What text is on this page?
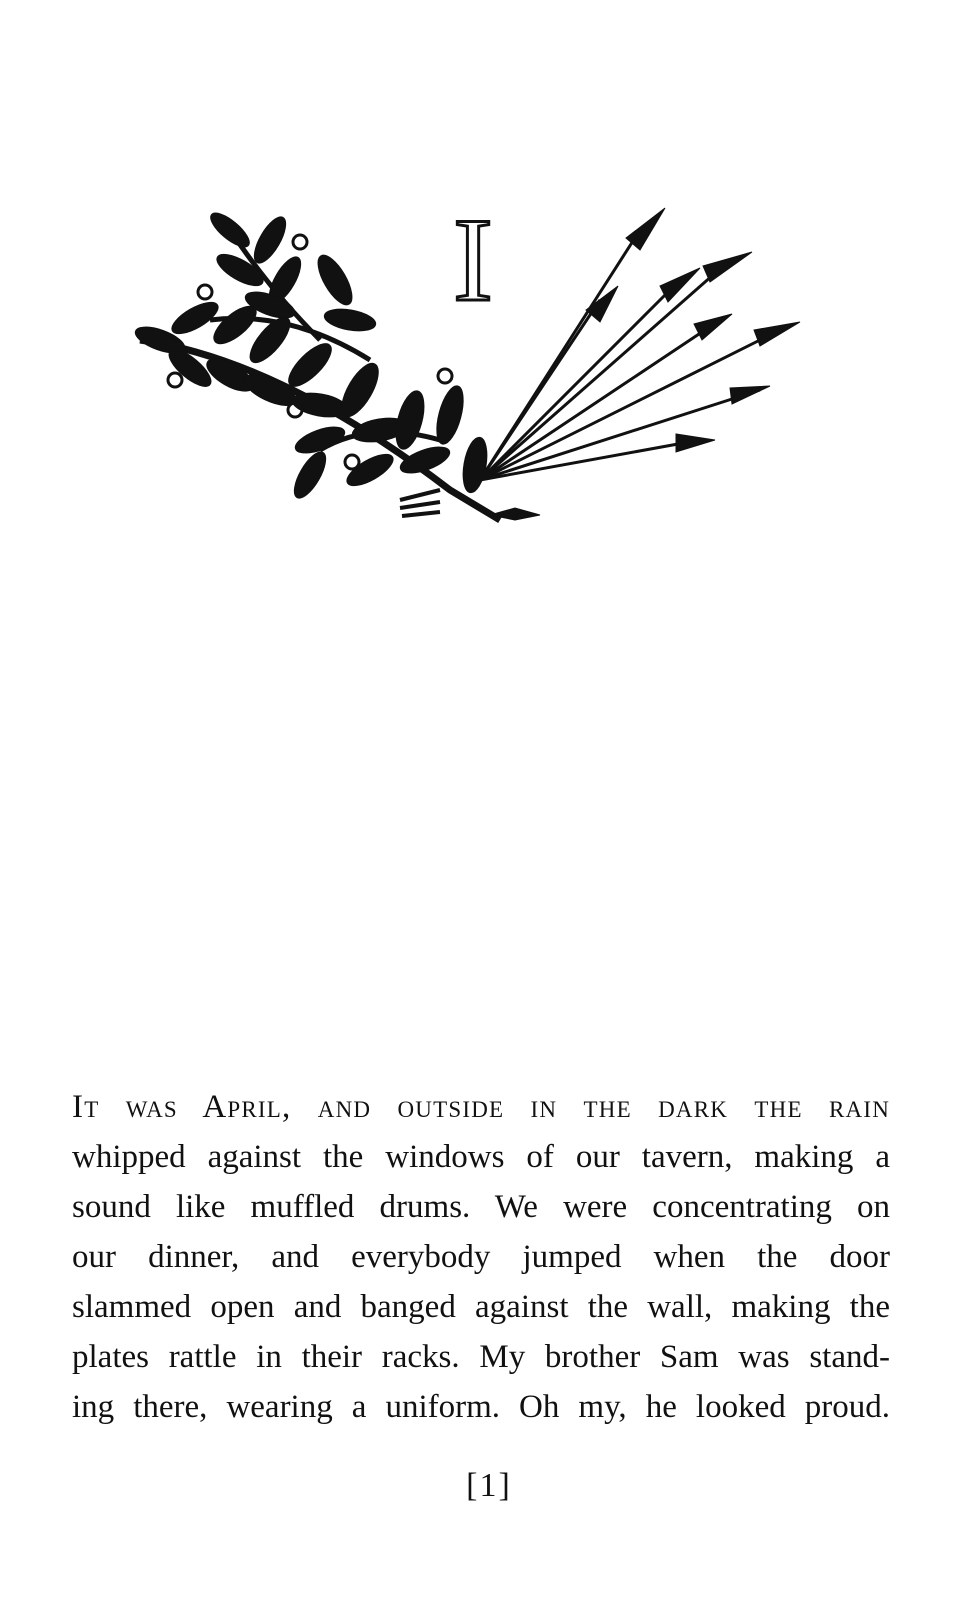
I

It was April, and outside in the dark the rain

whipped against the windows of our tavern, making a

sound like muffled drums. We were concentrating on

our dinner, and everybody jumped when the door

slammed open and banged against the wall, making the

plates rattle in their racks. My brother Sam was stand-

ing there, wearing a uniform. Oh my, he looked proud.

[1]
